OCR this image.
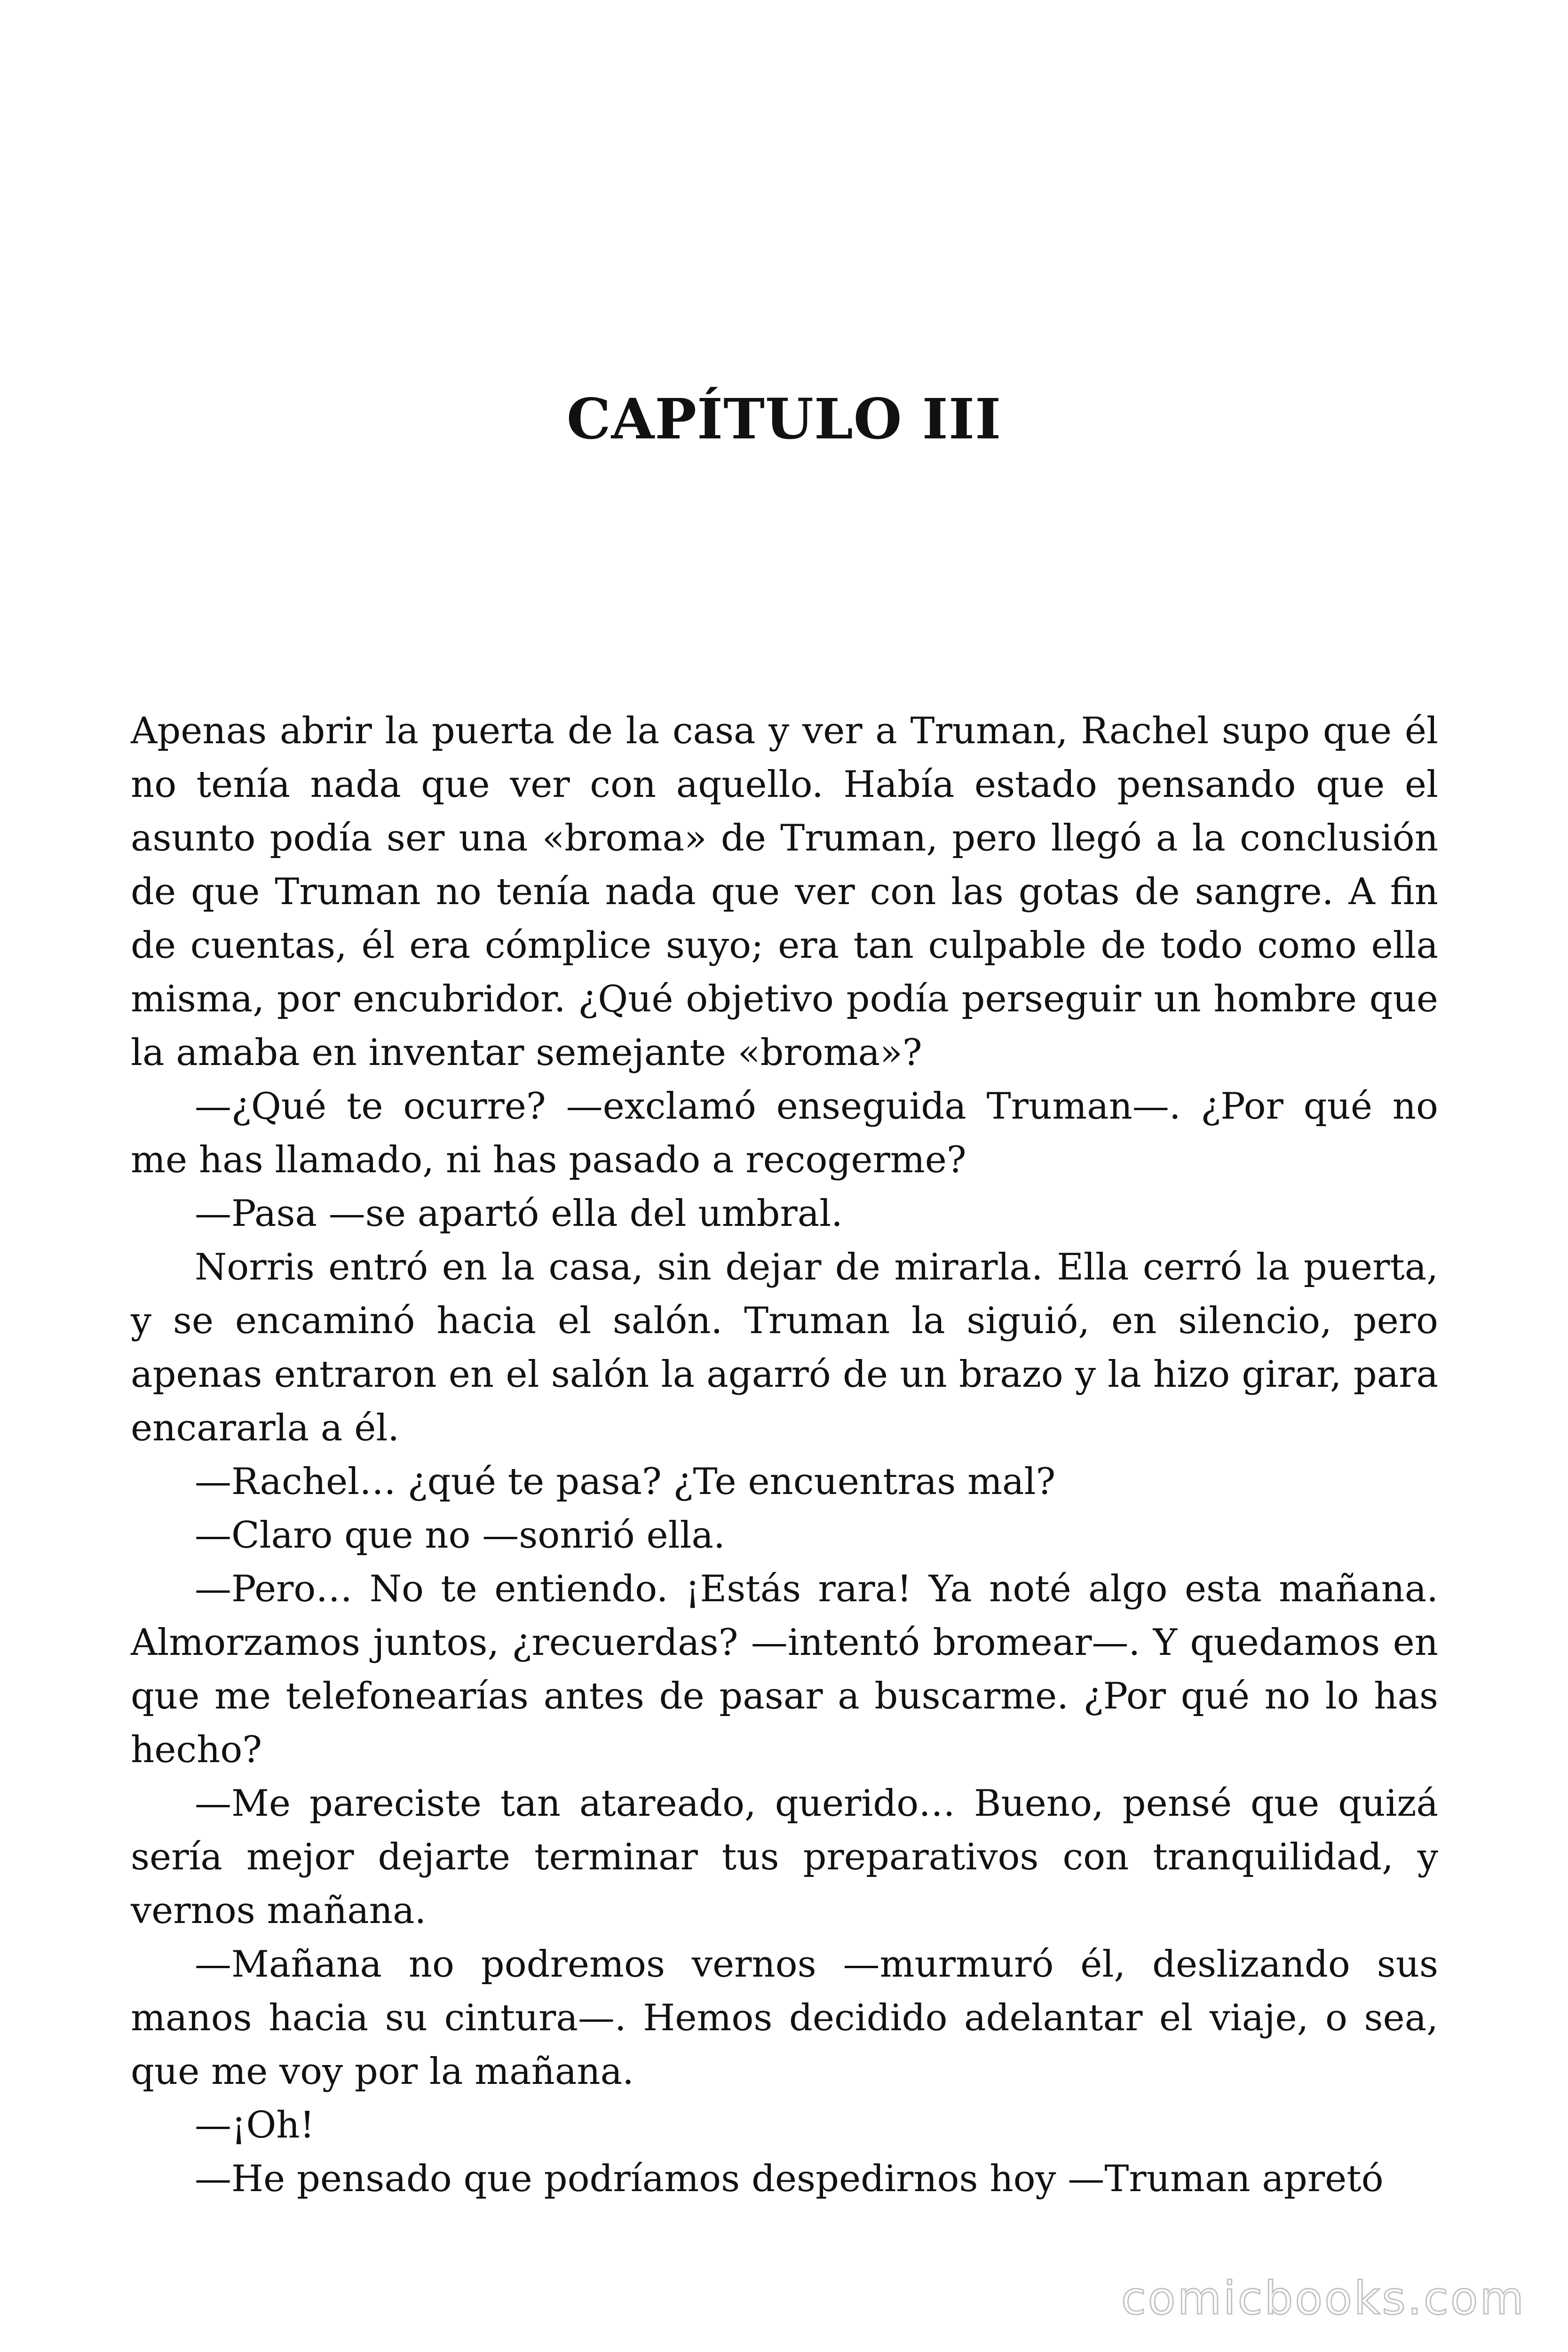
CAPÍTULO III

Apenas abrir la puerta de la casa y ver a Truman, Rachel supo que él no tenía nada que ver con aquello. Había estado pensando que el asunto podía ser una «broma» de Truman, pero llegó a la conclusión de que Truman no tenía nada que ver con las gotas de sangre. A fin de cuentas, él era cómplice suyo; era tan culpable de todo como ella misma, por encubridor. ¿Qué objetivo podía perseguir un hombre que la amaba en inventar semejante «broma»?

—¿Qué te ocurre? —exclamó enseguida Truman—. ¿Por qué no me has llamado, ni has pasado a recogerme?

—Pasa —se apartó ella del umbral.

Norris entró en la casa, sin dejar de mirarla. Ella cerró la puerta, y se encaminó hacia el salón. Truman la siguió, en silencio, pero apenas entraron en el salón la agarró de un brazo y la hizo girar, para encararla a él.

—Rachel… ¿qué te pasa? ¿Te encuentras mal?

—Claro que no —sonrió ella.

—Pero… No te entiendo. ¡Estás rara! Ya noté algo esta mañana. Almorzamos juntos, ¿recuerdas? —intentó bromear—. Y quedamos en que me telefonearías antes de pasar a buscarme. ¿Por qué no lo has hecho?

—Me pareciste tan atareado, querido… Bueno, pensé que quizá sería mejor dejarte terminar tus preparativos con tranquilidad, y vernos mañana.

—Mañana no podremos vernos —murmuró él, deslizando sus manos hacia su cintura—. Hemos decidido adelantar el viaje, o sea, que me voy por la mañana.

—¡Oh!

—He pensado que podríamos despedirnos hoy —Truman apretó

comicbooks.com
